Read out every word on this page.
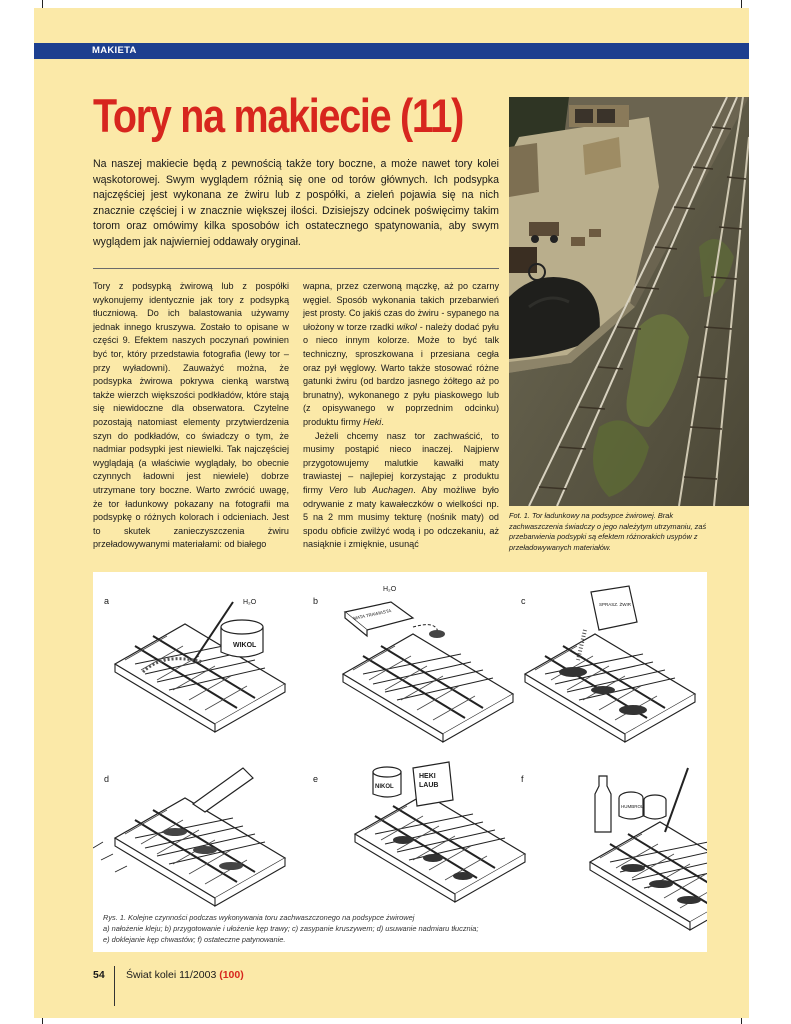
MAKIETA
Tory na makiecie (11)

Na naszej makiecie będą z pewnością także tory boczne, a może nawet tory kolei wąskotorowej. Swym wyglądem różnią się one od torów głównych. Ich podsypka najczęściej jest wykonana ze żwiru lub z pospółki, a zieleń pojawia się na nich znacznie częściej i w znacznie większej ilości. Dzisiejszy odcinek poświęcimy takim torom oraz omówimy kilka sposobów ich ostatecznego spatynowania, aby swym wyglądem jak najwierniej oddawały oryginał.

Tory z podsypką żwirową lub z pospółki wykonujemy identycznie jak tory z podsypką tłuczniową. Do ich balastowania używamy jednak innego kruszywa. Zostało to opisane w części 9. Efektem naszych poczynań powinien być tor, który przedstawia fotografia (lewy tor – przy wyładowni). Zauważyć można, że podsypka żwirowa pokrywa cienką warstwą także wierzch większości podkładów, które stają się niewidoczne dla obserwatora. Czytelne pozostają natomiast elementy przytwierdzenia szyn do podkładów, co świadczy o tym, że nadmiar podsypki jest niewielki. Tak najczęściej wyglądają (a właściwie wyglądały, bo obecnie czynnych ładowni jest niewiele) dobrze utrzymane tory boczne. Warto zwrócić uwagę, że tor ładunkowy pokazany na fotografii ma podsypkę o różnych kolorach i odcieniach. Jest to skutek zanieczyszczenia żwiru przeładowywanymi materiałami: od białego

wapna, przez czerwoną mączkę, aż po czarny węgiel. Sposób wykonania takich przebarwień jest prosty. Co jakiś czas do żwiru - sypanego na ułożony w torze rzadki wikol - należy dodać pyłu o nieco innym kolorze. Może to być talk techniczny, sproszkowana i przesiana cegła oraz pył węglowy. Warto także stosować różne gatunki żwiru (od bardzo jasnego żółtego aż po brunatny), wykonanego z pyłu piaskowego lub (z opisywanego w poprzednim odcinku) produktu firmy Heki.

Jeżeli chcemy nasz tor zachwaścić, to musimy postąpić nieco inaczej. Najpierw przygotowujemy malutkie kawałki maty trawiastej – najlepiej korzystając z produktu firmy Vero lub Auchagen. Aby możliwe było odrywanie z maty kawałeczków o wielkości np. 5 na 2 mm musimy tekturę (nośnik maty) od spodu obficie zwilżyć wodą i po odczekaniu, aż nasiąknie i zmięknie, usunąć

Fot. 1. Tor ładunkowy na podsypce żwirowej. Brak zachwaszczenia świadczy o jego należytym utrzymaniu, zaś przebarwienia podsypki są efektem różnorakich usypów z przeładowywanych materiałów.

a	b	c
d	e	f
WIKOL
H₂O
H₂O
MATA TRAWIASTA
SPRASZ. ŻWIR
NIKOL
HEKI LAUB
HUMBROL

Rys. 1. Kolejne czynności podczas wykonywania toru zachwaszczonego na podsypce żwirowej
a) nałożenie kleju; b) przygotowanie i ułożenie kęp trawy; c) zasypanie kruszywem; d) usuwanie nadmiaru tłucznia;
e) doklejanie kęp chwastów; f) ostateczne patynowanie.

54 Świat kolei 11/2003 (100)
